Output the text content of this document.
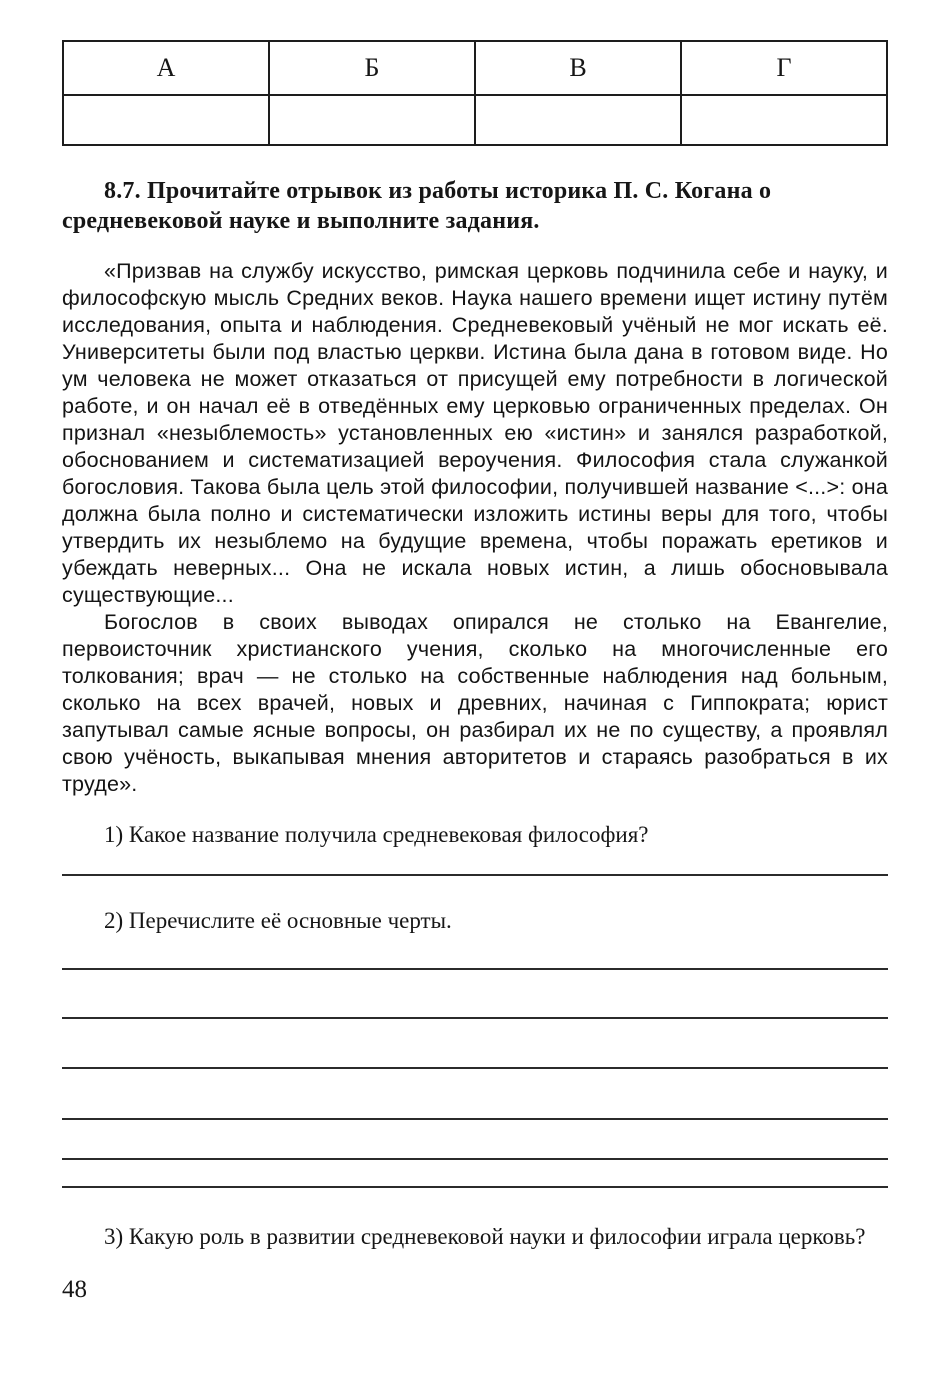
А	Б	В	Г

8.7. Прочитайте отрывок из работы историка П. С. Когана о средневековой науке и выполните задания.

«Призвав на службу искусство, римская церковь подчинила себе и науку, и философскую мысль Средних веков. Наука нашего времени ищет истину путём исследования, опыта и наблюдения. Средневековый учёный не мог искать её. Университеты были под властью церкви. Истина была дана в готовом виде. Но ум человека не может отказаться от присущей ему потребности в логической работе, и он начал её в отведённых ему церковью ограниченных пределах. Он признал «незыблемость» установленных ею «истин» и занялся разработкой, обоснованием и систематизацией вероучения. Философия стала служанкой богословия. Такова была цель этой философии, получившей название <...>: она должна была полно и систематически изложить истины веры для того, чтобы утвердить их незыблемо на будущие времена, чтобы поражать еретиков и убеждать неверных... Она не искала новых истин, а лишь обосновывала существующие...

Богослов в своих выводах опирался не столько на Евангелие, первоисточник христианского учения, сколько на многочисленные его толкования; врач — не столько на собственные наблюдения над больным, сколько на всех врачей, новых и древних, начиная с Гиппократа; юрист запутывал самые ясные вопросы, он разбирал их не по существу, а проявлял свою учёность, выкапывая мнения авторитетов и стараясь разобраться в их труде».

1) Какое название получила средневековая философия?

2) Перечислите её основные черты.

3) Какую роль в развитии средневековой науки и философии играла церковь?

48
